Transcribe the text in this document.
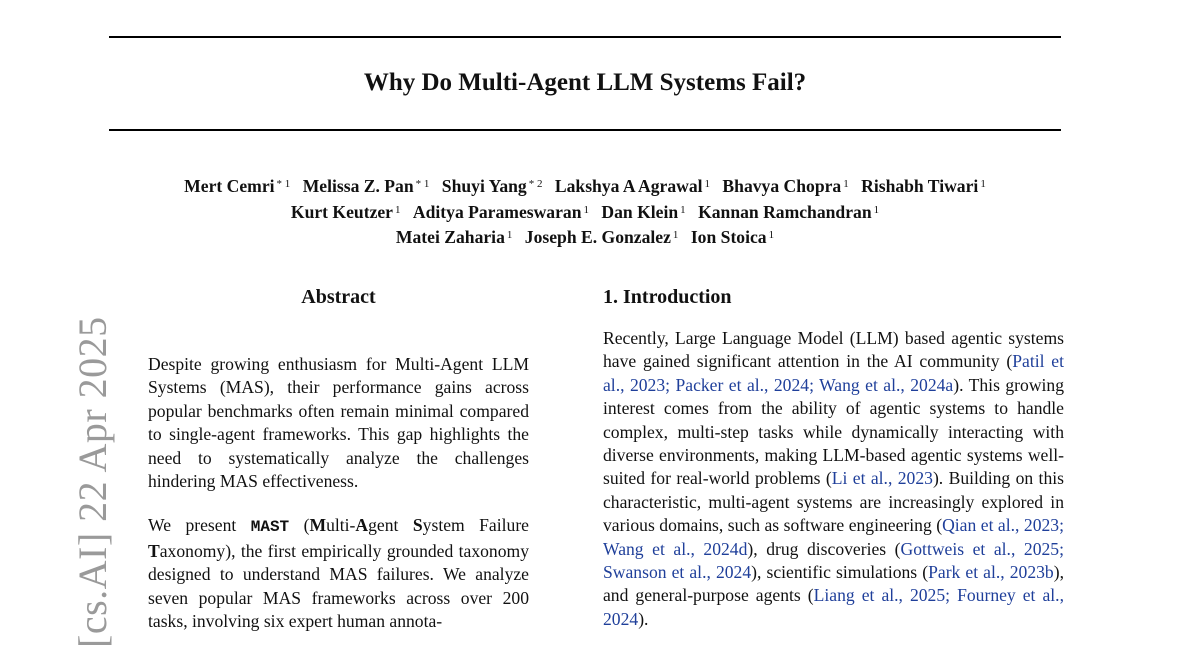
Why Do Multi-Agent LLM Systems Fail?
Mert Cemri $^{* 1}$ Melissa Z. Pan $^{* 1}$ Shuyi Yang $^{* 2}$ Lakshya A Agrawal $^1$ Bhavya Chopra $^1$ Rishabh Tiwari $^1$
Kurt Keutzer $^1$ Aditya Parameswaran $^1$ Dan Klein $^1$ Kannan Ramchandran $^1$
Matei Zaharia $^1$ Joseph E. Gonzalez $^1$ Ion Stoica $^1$
[cs.AI] 22 Apr 2025
Abstract

Despite growing enthusiasm for Multi-Agent LLM Systems (MAS), their performance gains across popular benchmarks often remain minimal compared to single-agent frameworks. This gap highlights the need to systematically analyze the challenges hindering MAS effectiveness.

We present MAST (Multi-Agent System Failure Taxonomy), the first empirically grounded taxonomy designed to understand MAS failures. We analyze seven popular MAS frameworks across over 200 tasks, involving six expert human annota-

1. Introduction

Recently, Large Language Model (LLM) based agentic systems have gained significant attention in the AI community (Patil et al., 2023; Packer et al., 2024; Wang et al., 2024a). This growing interest comes from the ability of agentic systems to handle complex, multi-step tasks while dynamically interacting with diverse environments, making LLM-based agentic systems well-suited for real-world problems (Li et al., 2023). Building on this characteristic, multi-agent systems are increasingly explored in various domains, such as software engineering (Qian et al., 2023; Wang et al., 2024d), drug discoveries (Gottweis et al., 2025; Swanson et al., 2024), scientific simulations (Park et al., 2023b), and general-purpose agents (Liang et al., 2025; Fourney et al., 2024).
